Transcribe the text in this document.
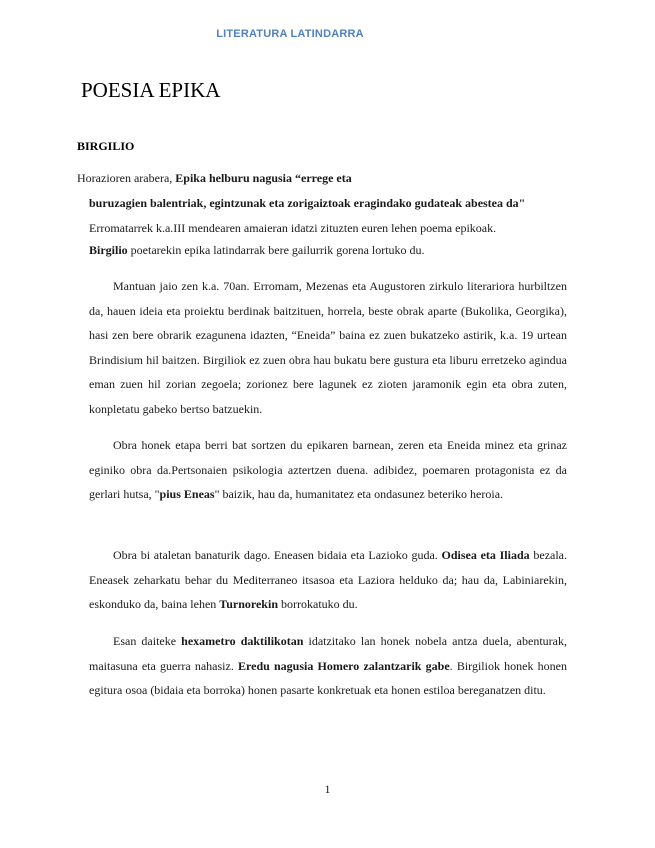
LITERATURA LATINDARRA
POESIA EPIKA
BIRGILIO
Horazioren arabera, Epika helburu nagusia “errege eta
buruzagien balentriak, egintzunak eta zorigaiztoak eragindako gudateak abestea da"
Erromatarrek k.a.III mendearen amaieran idatzi zituzten euren lehen poema epikoak.
Birgilio poetarekin epika latindarrak bere gailurrik gorena lortuko du.
Mantuan jaio zen k.a. 70an. Erromam, Mezenas eta Augustoren zirkulo literariora hurbiltzen da, hauen ideia eta proiektu berdinak baitzituen, horrela, beste obrak aparte (Bukolika, Georgika), hasi zen bere obrarik ezagunena idazten, “Eneida” baina ez zuen bukatzeko astirik, k.a. 19 urtean Brindisium hil baitzen. Birgiliok ez zuen obra hau bukatu bere gustura eta liburu erretzeko agindua eman zuen hil zorian zegoela; zorionez bere lagunek ez zioten jaramonik egin eta obra zuten, konpletatu gabeko bertso batzuekin.
Obra honek etapa berri bat sortzen du epikaren barnean, zeren eta Eneida minez eta grinaz eginiko obra da.Pertsonaien psikologia aztertzen duena. adibidez, poemaren protagonista ez da gerlari hutsa, "pius Eneas" baizik, hau da, humanitatez eta ondasunez beteriko heroia.
Obra bi ataletan banaturik dago. Eneasen bidaia eta Lazioko guda. Odisea eta Iliada bezala. Eneasek zeharkatu behar du Mediterraneo itsasoa eta Laziora helduko da; hau da, Labiniarekin, eskonduko da, baina lehen Turnorekin borrokatuko du.
Esan daiteke hexametro daktilikotan idatzitako lan honek nobela antza duela, abenturak, maitasuna eta guerra nahasiz. Eredu nagusia Homero zalantzarik gabe. Birgiliok honek honen egitura osoa (bidaia eta borroka) honen pasarte konkretuak eta honen estiloa bereganatzen ditu.
1
